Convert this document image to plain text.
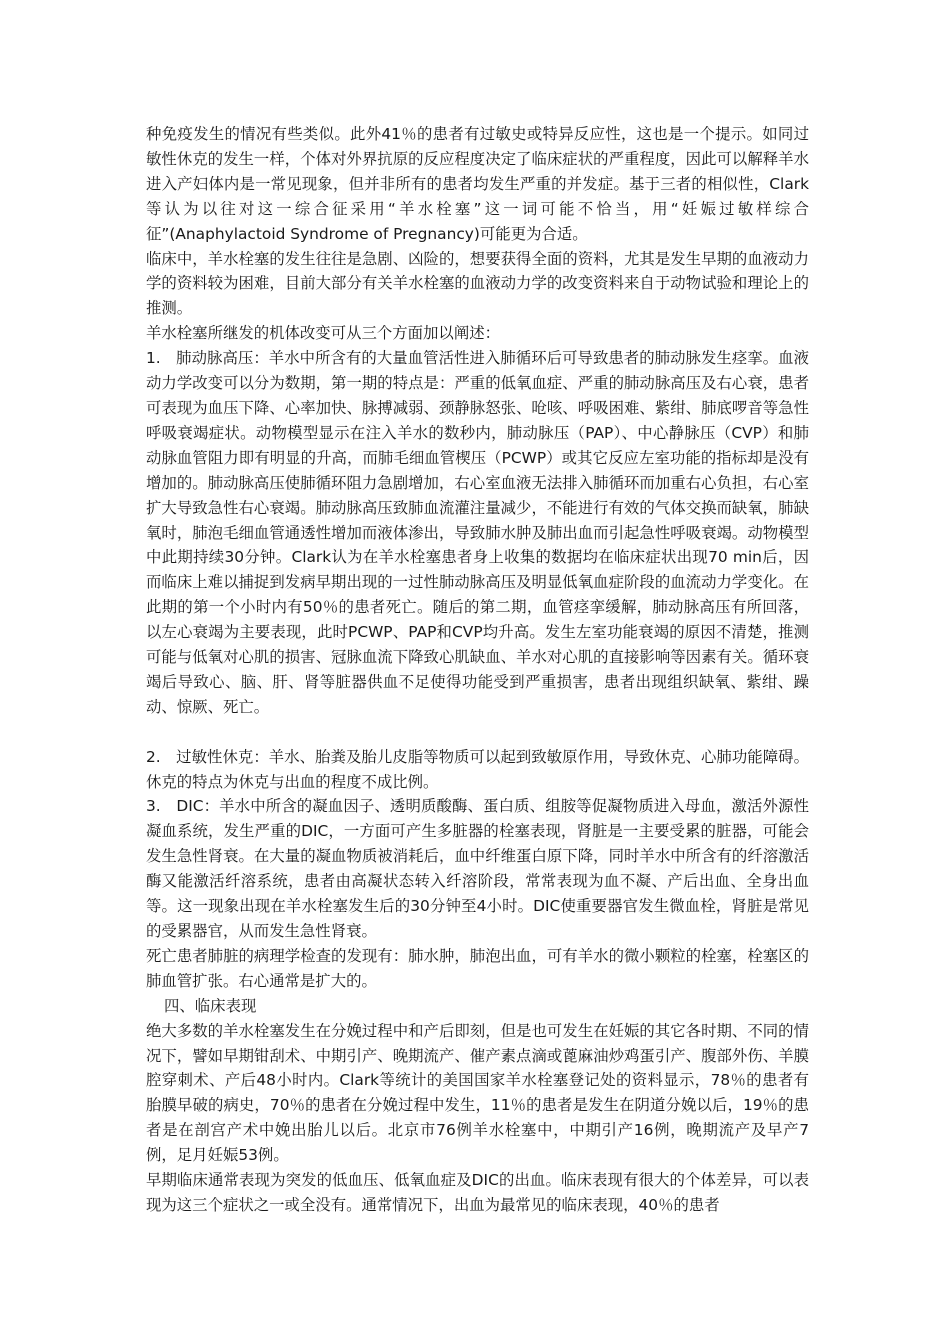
种免疫发生的情况有些类似。此外41％的患者有过敏史或特异反应性，这也是一个提示。如同过敏性休克的发生一样，个体对外界抗原的反应程度决定了临床症状的严重程度，因此可以解释羊水进入产妇体内是一常见现象，但并非所有的患者均发生严重的并发症。基于三者的相似性，Clark等认为以往对这一综合征采用“羊水栓塞”这一词可能不恰当，用“妊娠过敏样综合征”(Anaphylactoid Syndrome of Pregnancy)可能更为合适。

临床中，羊水栓塞的发生往往是急剧、凶险的，想要获得全面的资料，尤其是发生早期的血液动力学的资料较为困难，目前大部分有关羊水栓塞的血液动力学的改变资料来自于动物试验和理论上的推测。

羊水栓塞所继发的机体改变可从三个方面加以阐述：

1.　肺动脉高压：羊水中所含有的大量血管活性进入肺循环后可导致患者的肺动脉发生痉挛。血液动力学改变可以分为数期，第一期的特点是：严重的低氧血症、严重的肺动脉高压及右心衰，患者可表现为血压下降、心率加快、脉搏减弱、颈静脉怒张、呛咳、呼吸困难、紫绀、肺底啰音等急性呼吸衰竭症状。动物模型显示在注入羊水的数秒内，肺动脉压（PAP）、中心静脉压（CVP）和肺动脉血管阻力即有明显的升高，而肺毛细血管楔压（PCWP）或其它反应左室功能的指标却是没有增加的。肺动脉高压使肺循环阻力急剧增加，右心室血液无法排入肺循环而加重右心负担，右心室扩大导致急性右心衰竭。肺动脉高压致肺血流灌注量减少，不能进行有效的气体交换而缺氧，肺缺氧时，肺泡毛细血管通透性增加而液体渗出，导致肺水肿及肺出血而引起急性呼吸衰竭。动物模型中此期持续30分钟。Clark认为在羊水栓塞患者身上收集的数据均在临床症状出现70 min后，因而临床上难以捕捉到发病早期出现的一过性肺动脉高压及明显低氧血症阶段的血流动力学变化。在此期的第一个小时内有50％的患者死亡。随后的第二期，血管痉挛缓解，肺动脉高压有所回落，以左心衰竭为主要表现，此时PCWP、PAP和CVP均升高。发生左室功能衰竭的原因不清楚，推测可能与低氧对心肌的损害、冠脉血流下降致心肌缺血、羊水对心肌的直接影响等因素有关。循环衰竭后导致心、脑、肝、肾等脏器供血不足使得功能受到严重损害，患者出现组织缺氧、紫绀、躁动、惊厥、死亡。

2.　过敏性休克：羊水、胎粪及胎儿皮脂等物质可以起到致敏原作用，导致休克、心肺功能障碍。休克的特点为休克与出血的程度不成比例。

3.　DIC：羊水中所含的凝血因子、透明质酸酶、蛋白质、组胺等促凝物质进入母血，激活外源性凝血系统，发生严重的DIC，一方面可产生多脏器的栓塞表现，肾脏是一主要受累的脏器，可能会发生急性肾衰。在大量的凝血物质被消耗后，血中纤维蛋白原下降，同时羊水中所含有的纤溶激活酶又能激活纤溶系统，患者由高凝状态转入纤溶阶段，常常表现为血不凝、产后出血、全身出血等。这一现象出现在羊水栓塞发生后的30分钟至4小时。DIC使重要器官发生微血栓，肾脏是常见的受累器官，从而发生急性肾衰。

死亡患者肺脏的病理学检查的发现有：肺水肿，肺泡出血，可有羊水的微小颗粒的栓塞，栓塞区的肺血管扩张。右心通常是扩大的。

四、临床表现

绝大多数的羊水栓塞发生在分娩过程中和产后即刻，但是也可发生在妊娠的其它各时期、不同的情况下，譬如早期钳刮术、中期引产、晚期流产、催产素点滴或蓖麻油炒鸡蛋引产、腹部外伤、羊膜腔穿刺术、产后48小时内。Clark等统计的美国国家羊水栓塞登记处的资料显示，78％的患者有胎膜早破的病史，70％的患者在分娩过程中发生，11％的患者是发生在阴道分娩以后，19％的患者是在剖宫产术中娩出胎儿以后。北京市76例羊水栓塞中，中期引产16例，晚期流产及早产7例，足月妊娠53例。

早期临床通常表现为突发的低血压、低氧血症及DIC的出血。临床表现有很大的个体差异，可以表现为这三个症状之一或全没有。通常情况下，出血为最常见的临床表现，40％的患者
